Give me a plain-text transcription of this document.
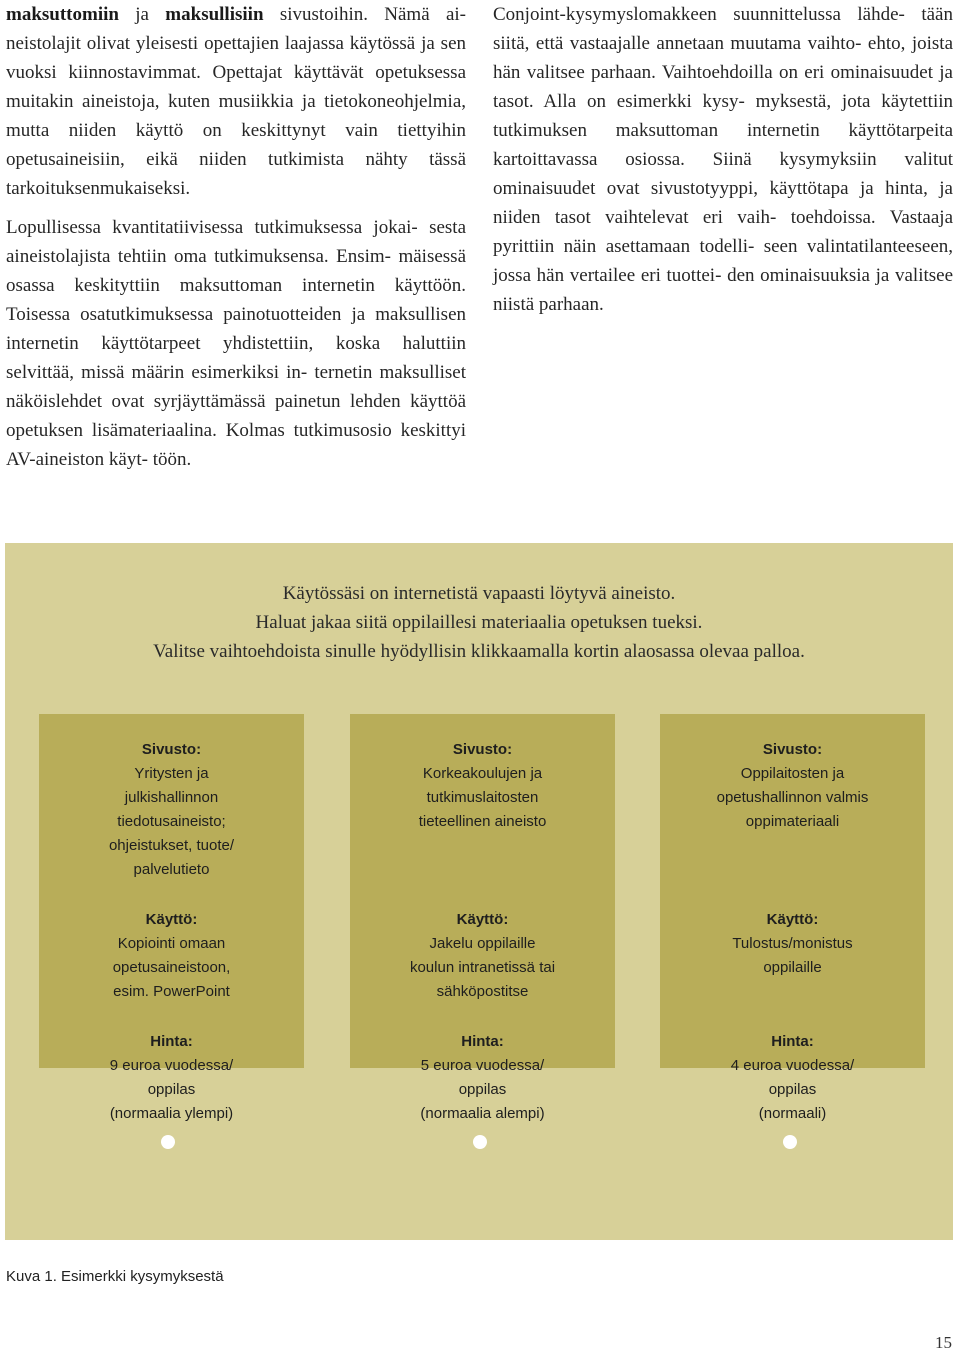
maksuttomiin ja maksullisiin sivustoihin. Nämä ai- neistolajit olivat yleisesti opettajien laajassa käytössä ja sen vuoksi kiinnostavimmat. Opettajat käyttävät opetuksessa muitakin aineistoja, kuten musiikkia ja tietokoneohjelmia, mutta niiden käyttö on keskittynyt vain tiettyihin opetusaineisiin, eikä niiden tutkimista nähty tässä tarkoituksenmukaiseksi.

Lopullisessa kvantitatiivisessa tutkimuksessa jokai- sesta aineistolajista tehtiin oma tutkimuksensa. Ensim- mäisessä osassa keskityttiin maksuttoman internetin käyttöön. Toisessa osatutkimuksessa painotuotteiden ja maksullisen internetin käyttötarpeet yhdistettiin, koska haluttiin selvittää, missä määrin esimerkiksi in- ternetin maksulliset näköislehdet ovat syrjäyttämässä painetun lehden käyttöä opetuksen lisämateriaalina. Kolmas tutkimusosio keskittyi AV-aineiston käyt- töön.

Conjoint-kysymyslomakkeen suunnittelussa lähde- tään siitä, että vastaajalle annetaan muutama vaihto- ehto, joista hän valitsee parhaan. Vaihtoehdoilla on eri ominaisuudet ja tasot. Alla on esimerkki kysy- myksestä, jota käytettiin tutkimuksen maksuttoman internetin käyttötarpeita kartoittavassa osiossa. Siinä kysymyksiin valitut ominaisuudet ovat sivustotyyppi, käyttötapa ja hinta, ja niiden tasot vaihtelevat eri vaih- toehdoissa. Vastaaja pyrittiin näin asettamaan todelli- seen valintatilanteeseen, jossa hän vertailee eri tuottei- den ominaisuuksia ja valitsee niistä parhaan.

Käytössäsi on internetistä vapaasti löytyvä aineisto.
Haluat jakaa siitä oppilaillesi materiaalia opetuksen tueksi.
Valitse vaihtoehdoista sinulle hyödyllisin klikkaamalla kortin alaosassa olevaa palloa.
Sivusto:
Yritysten ja
julkishallinnon
tiedotusaineisto;
ohjeistukset, tuote/
palvelutieto
Käyttö:
Kopiointi omaan
opetusaineistoon,
esim. PowerPoint
Hinta:
9 euroa vuodessa/
oppilas
(normaalia ylempi)
Sivusto:
Korkeakoulujen ja
tutkimuslaitosten
tieteellinen aineisto
Käyttö:
Jakelu oppilaille
koulun intranetissä tai
sähköpostitse
Hinta:
5 euroa vuodessa/
oppilas
(normaalia alempi)
Sivusto:
Oppilaitosten ja
opetushallinnon valmis
oppimateriaali
Käyttö:
Tulostus/monistus
oppilaille
Hinta:
4 euroa vuodessa/
oppilas
(normaali)
Kuva 1. Esimerkki kysymyksestä
15
